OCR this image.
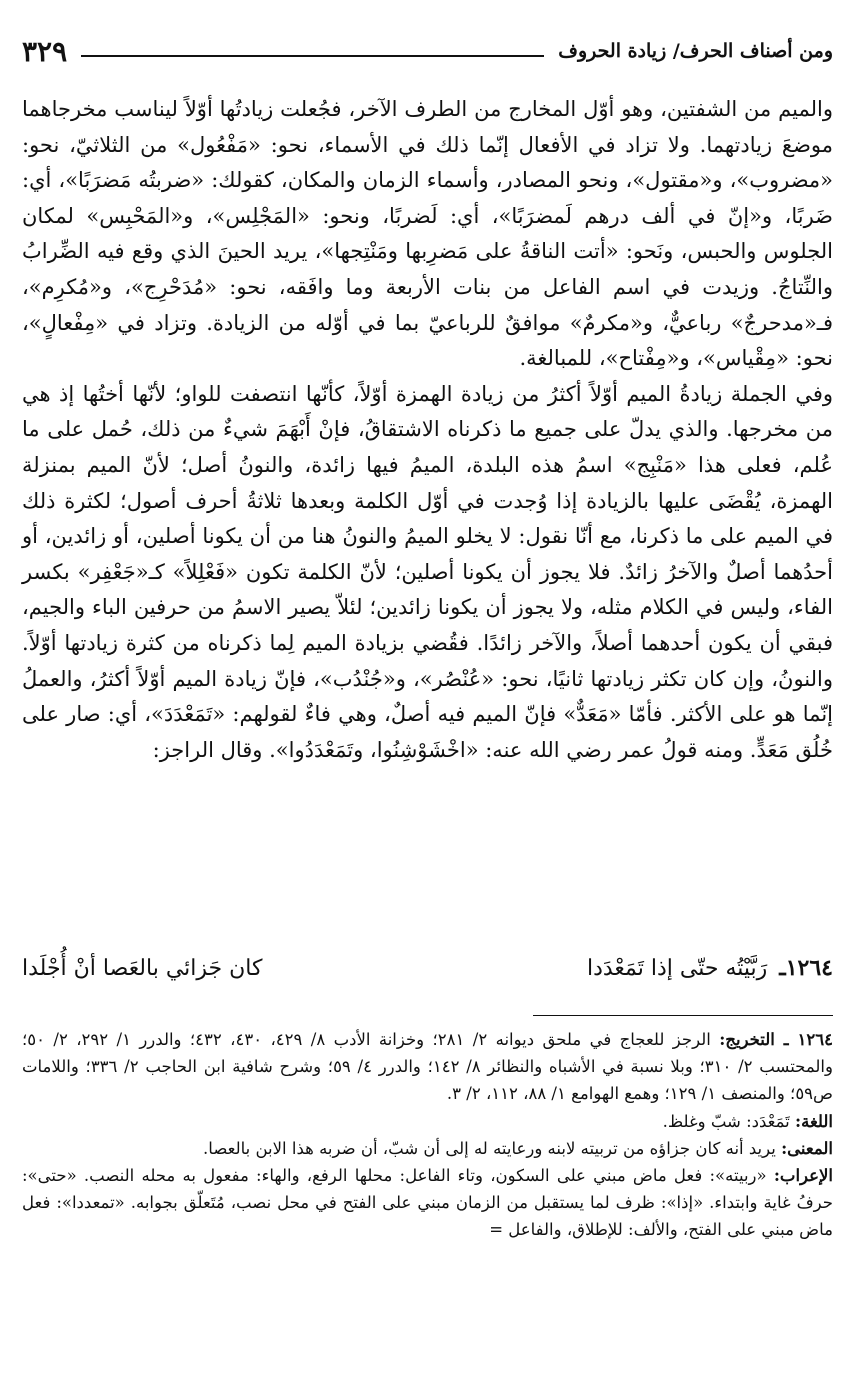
ومن أصناف الحرف/ زيادة الحروف
٣٢٩

والميم من الشفتين، وهو أوّل المخارج من الطرف الآخر، فجُعلت زيادتُها أوّلاً ليناسب مخرجاهما موضعَ زيادتهما. ولا تزاد في الأفعال إنّما ذلك في الأسماء، نحو: «مَفْعُول» من الثلاثيّ، نحو: «مضروب»، و«مقتول»، ونحو المصادر، وأسماء الزمان والمكان، كقولك: «ضربتُه مَضرَبًا»، أي: ضَربًا، و«إنّ في ألف درهم لَمضرَبًا»، أي: لَضربًا، ونحو: «المَجْلِس»، و«المَحْبِس» لمكان الجلوس والحبس، ونَحو: «أتت الناقةُ على مَضرِبها ومَنْتِجها»، يريد الحينَ الذي وقع فيه الضِّرابُ والنِّتاجُ. وزيدت في اسم الفاعل من بنات الأربعة وما وافَقه، نحو: «مُدَحْرِج»، و«مُكرِم»، فـ«مدحرجٌ» رباعيٌّ، و«مكرمٌ» موافقٌ للرباعيّ بما في أوّله من الزيادة. وتزاد في «مِفْعالٍ»، نحو: «مِقْياس»، و«مِفْتاح»، للمبالغة.

وفي الجملة زيادةُ الميم أوّلاً أكثرُ من زيادة الهمزة أوّلاً، كأنّها انتصفت للواو؛ لأنّها أختُها إذ هي من مخرجها. والذي يدلّ على جميع ما ذكرناه الاشتقاقُ، فإنْ أَبْهَمَ شيءٌ من ذلك، حُمل على ما عُلم، فعلى هذا «مَنْبِج» اسمُ هذه البلدة، الميمُ فيها زائدة، والنونُ أصل؛ لأنّ الميم بمنزلة الهمزة، يُقْضَى عليها بالزيادة إذا وُجدت في أوّل الكلمة وبعدها ثلاثةُ أحرف أصول؛ لكثرة ذلك في الميم على ما ذكرنا، مع أنّا نقول: لا يخلو الميمُ والنونُ هنا من أن يكونا أصلين، أو زائدين، أو أحدُهما أصلٌ والآخرُ زائدٌ. فلا يجوز أن يكونا أصلين؛ لأنّ الكلمة تكون «فَعْلِلاً» كـ«جَعْفِر» بكسر الفاء، وليس في الكلام مثله، ولا يجوز أن يكونا زائدين؛ لئلاّ يصير الاسمُ من حرفين الباء والجيم، فبقي أن يكون أحدهما أصلاً، والآخر زائدًا. فقُضي بزيادة الميم لِما ذكرناه من كثرة زيادتها أوّلاً. والنونُ، وإن كان تكثر زيادتها ثانيًا، نحو: «عُنْصُر»، و«جُنْدُب»، فإنّ زيادة الميم أوّلاً أكثرُ، والعملُ إنّما هو على الأكثر. فأمّا «مَعَدٌّ» فإنّ الميم فيه أصلٌ، وهي فاءٌ لقولهم: «تَمَعْدَدَ»، أي: صار على خُلُق مَعَدٍّ. ومنه قولُ عمر رضي الله عنه: «اخْشَوْشِنُوا، وتَمَعْدَدُوا». وقال الراجز:

١٢٦٤ـ
رَبَّيْتُه حتّى إذا تَمَعْدَدا
كان جَزائي بالعَصا أنْ أُجْلَدا

١٢٦٤ ـ التخريج: الرجز للعجاج في ملحق ديوانه ٢/ ٢٨١؛ وخزانة الأدب ٨/ ٤٢٩، ٤٣٠، ٤٣٢؛ والدرر ١/ ٢٩٢، ٢/ ٥٠؛ والمحتسب ٢/ ٣١٠؛ وبلا نسبة في الأشباه والنظائر ٨/ ١٤٢؛ والدرر ٤/ ٥٩؛ وشرح شافية ابن الحاجب ٢/ ٣٣٦؛ واللامات ص٥٩؛ والمنصف ١/ ١٢٩؛ وهمع الهوامع ١/ ٨٨، ١١٢، ٢/ ٣.

اللغة: تَمَعْدَد: شبّ وغلظ.

المعنى: يريد أنه كان جزاؤه من تربيته لابنه ورعايته له إلى أن شبّ، أن ضربه هذا الابن بالعصا.

الإعراب: «ربيته»: فعل ماض مبني على السكون، وتاء الفاعل: محلها الرفع، والهاء: مفعول به محله النصب. «حتى»: حرفُ غاية وابتداء. «إذا»: ظرف لما يستقبل من الزمان مبني على الفتح في محل نصب، مُتَعلّق بجوابه. «تمعددا»: فعل ماض مبني على الفتح، والألف: للإطلاق، والفاعل =
